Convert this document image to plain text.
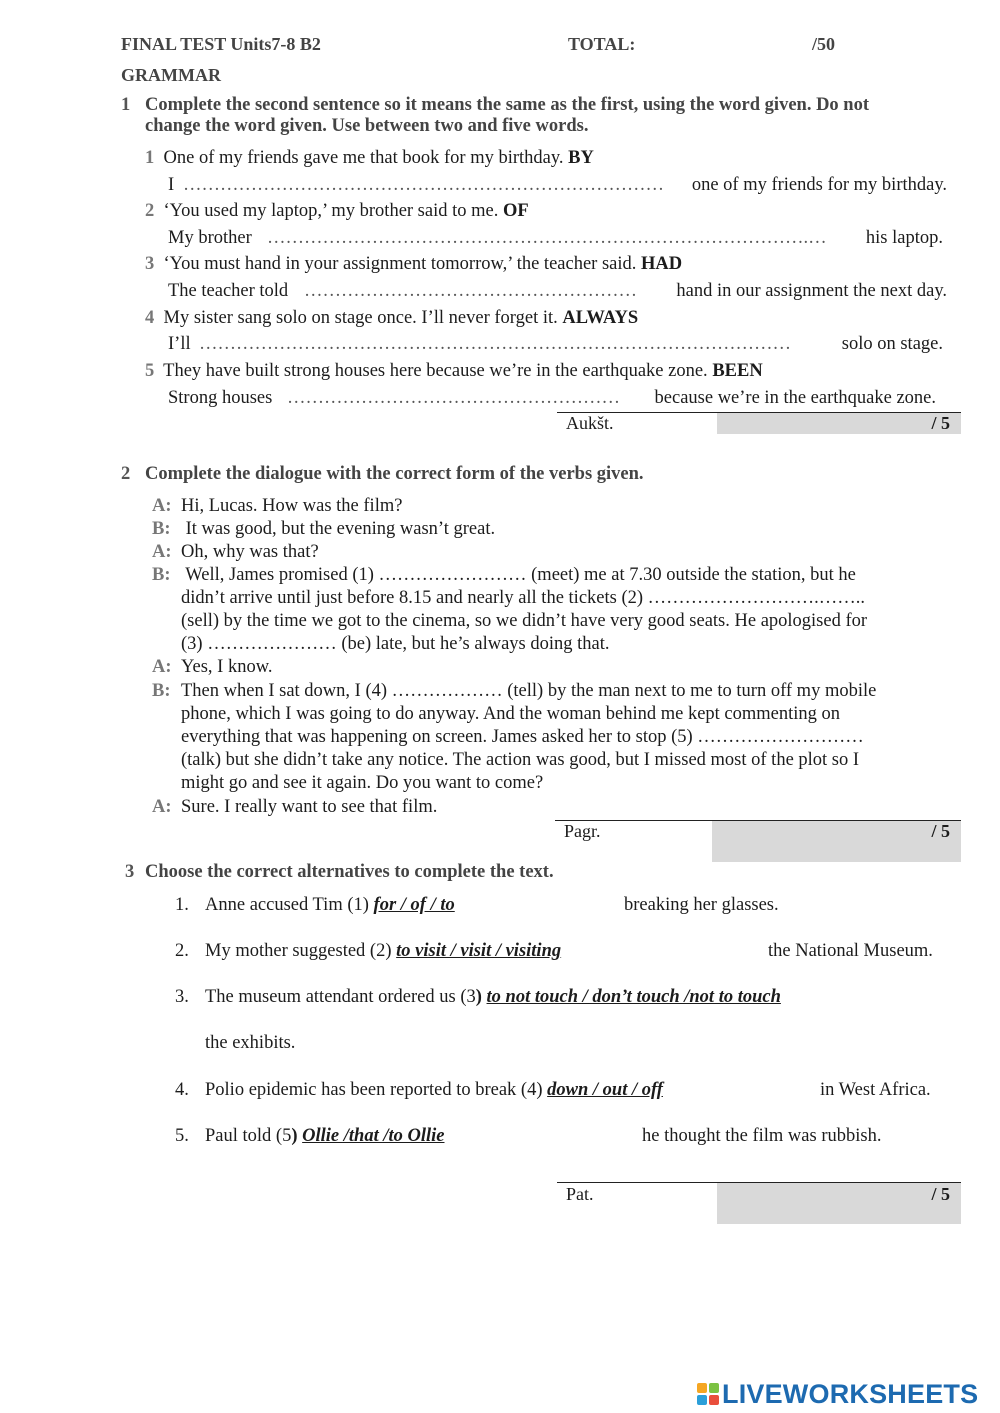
FINAL TEST Units7-8 B2	TOTAL:	/50
GRAMMAR
1 Complete the second sentence so it means the same as the first, using the word given. Do not
change the word given. Use between two and five words.
1 One of my friends gave me that book for my birthday. BY
I …………………………………………………………………… one of my friends for my birthday.
2 ‘You used my laptop,’ my brother said to me. OF
My brother …………………………………………………………………………….… his laptop.
3 ‘You must hand in your assignment tomorrow,’ the teacher said. HAD
The teacher told ……………………………………………… hand in our assignment the next day.
4 My sister sang solo on stage once. I’ll never forget it. ALWAYS
I’ll ……………………………………………………………………………………	solo on stage.
5 They have built strong houses here because we’re in the earthquake zone. BEEN
Strong houses ……………………………………………… because we’re in the earthquake zone.
Aukšt.	/ 5
2 Complete the dialogue with the correct form of the verbs given.
A: Hi, Lucas. How was the film?
B: It was good, but the evening wasn’t great.
A: Oh, why was that?
B: Well, James promised (1) …………………… (meet) me at 7.30 outside the station, but he
didn’t arrive until just before 8.15 and nearly all the tickets (2) ……………………….……..
(sell) by the time we got to the cinema, so we didn’t have very good seats. He apologised for
(3) ………………… (be) late, but he’s always doing that.
A: Yes, I know.
B: Then when I sat down, I (4) ……………… (tell) by the man next to me to turn off my mobile
phone, which I was going to do anyway. And the woman behind me kept commenting on
everything that was happening on screen. James asked her to stop (5) ………………………
(talk) but she didn’t take any notice. The action was good, but I missed most of the plot so I
might go and see it again. Do you want to come?
A: Sure. I really want to see that film.
Pagr.	/ 5
3 Choose the correct alternatives to complete the text.
1. Anne accused Tim (1) for / of / to	breaking her glasses.
2. My mother suggested (2) to visit / visit / visiting	the National Museum.
3. The museum attendant ordered us (3) to not touch / don’t touch /not to touch
the exhibits.
4. Polio epidemic has been reported to break (4) down / out / off	in West Africa.
5. Paul told (5) Ollie /that /to Ollie	he thought the film was rubbish.
Pat.	/ 5
LIVEWORKSHEETS
